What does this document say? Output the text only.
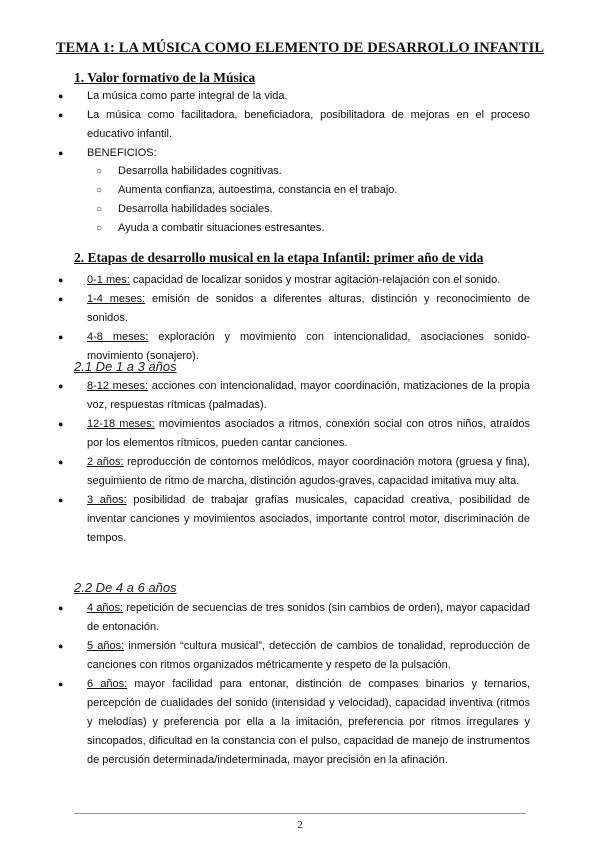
TEMA 1: LA MÚSICA COMO ELEMENTO DE DESARROLLO INFANTIL
1. Valor formativo de la Música
● La música como parte integral de la vida.
● La música como facilitadora, beneficiadora, posibilitadora de mejoras en el proceso educativo infantil.
● BENEFICIOS:
○ Desarrolla habilidades cognitivas.
○ Aumenta confianza, autoestima, constancia en el trabajo.
○ Desarrolla habilidades sociales.
○ Ayuda a combatir situaciones estresantes.
2. Etapas de desarrollo musical en la etapa Infantil: primer año de vida
● 0-1 mes: capacidad de localizar sonidos y mostrar agitación-relajación con el sonido.
● 1-4 meses: emisión de sonidos a diferentes alturas, distinción y reconocimiento de sonidos.
● 4-8 meses: exploración y movimiento con intencionalidad, asociaciones sonido-movimiento (sonajero).
2.1 De 1 a 3 años
● 8-12 meses: acciones con intencionalidad, mayor coordinación, matizaciones de la propia voz, respuestas rítmicas (palmadas).
● 12-18 meses: movimientos asociados a ritmos, conexión social con otros niños, atraídos por los elementos rítmicos, pueden cantar canciones.
● 2 años: reproducción de contornos melódicos, mayor coordinación motora (gruesa y fina), seguimiento de ritmo de marcha, distinción agudos-graves, capacidad imitativa muy alta.
● 3 años: posibilidad de trabajar grafías musicales, capacidad creativa, posibilidad de inventar canciones y movimientos asociados, importante control motor, discriminación de tempos.
2.2 De 4 a 6 años
● 4 años: repetición de secuencias de tres sonidos (sin cambios de orden), mayor capacidad de entonación.
● 5 años: inmersión “cultura musical”, detección de cambios de tonalidad, reproducción de canciones con ritmos organizados métricamente y respeto de la pulsación.
● 6 años: mayor facilidad para entonar, distinción de compases binarios y ternarios, percepción de cualidades del sonido (intensidad y velocidad), capacidad inventiva (ritmos y melodías) y preferencia por ella a la imitación, preferencia por ritmos irregulares y sincopados, dificultad en la constancia con el pulso, capacidad de manejo de instrumentos de percusión determinada/indeterminada, mayor precisión en la afinación.
2
